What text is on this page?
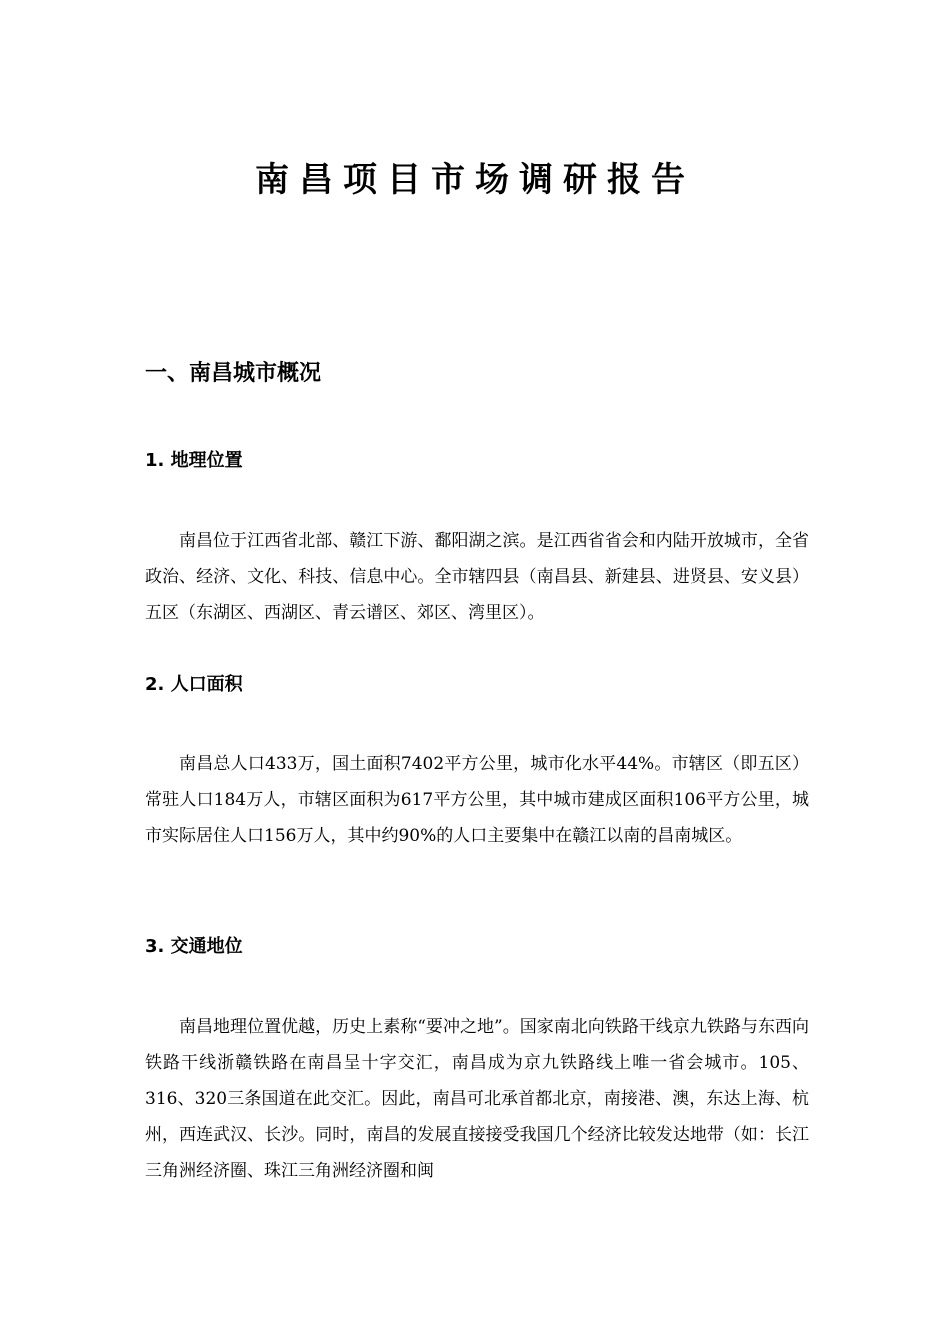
南昌项目市场调研报告
一、南昌城市概况
1. 地理位置

南昌位于江西省北部、赣江下游、鄱阳湖之滨。是江西省省会和内陆开放城市，全省政治、经济、文化、科技、信息中心。全市辖四县（南昌县、新建县、进贤县、安义县）五区（东湖区、西湖区、青云谱区、郊区、湾里区）。

2. 人口面积

南昌总人口433万，国土面积7402平方公里，城市化水平44%。市辖区（即五区）常驻人口184万人，市辖区面积为617平方公里，其中城市建成区面积106平方公里，城市实际居住人口156万人，其中约90%的人口主要集中在赣江以南的昌南城区。

3. 交通地位

南昌地理位置优越，历史上素称“要冲之地”。国家南北向铁路干线京九铁路与东西向铁路干线浙赣铁路在南昌呈十字交汇，南昌成为京九铁路线上唯一省会城市。105、316、320三条国道在此交汇。因此，南昌可北承首都北京，南接港、澳，东达上海、杭州，西连武汉、长沙。同时，南昌的发展直接接受我国几个经济比较发达地带（如：长江三角洲经济圈、珠江三角洲经济圈和闽
